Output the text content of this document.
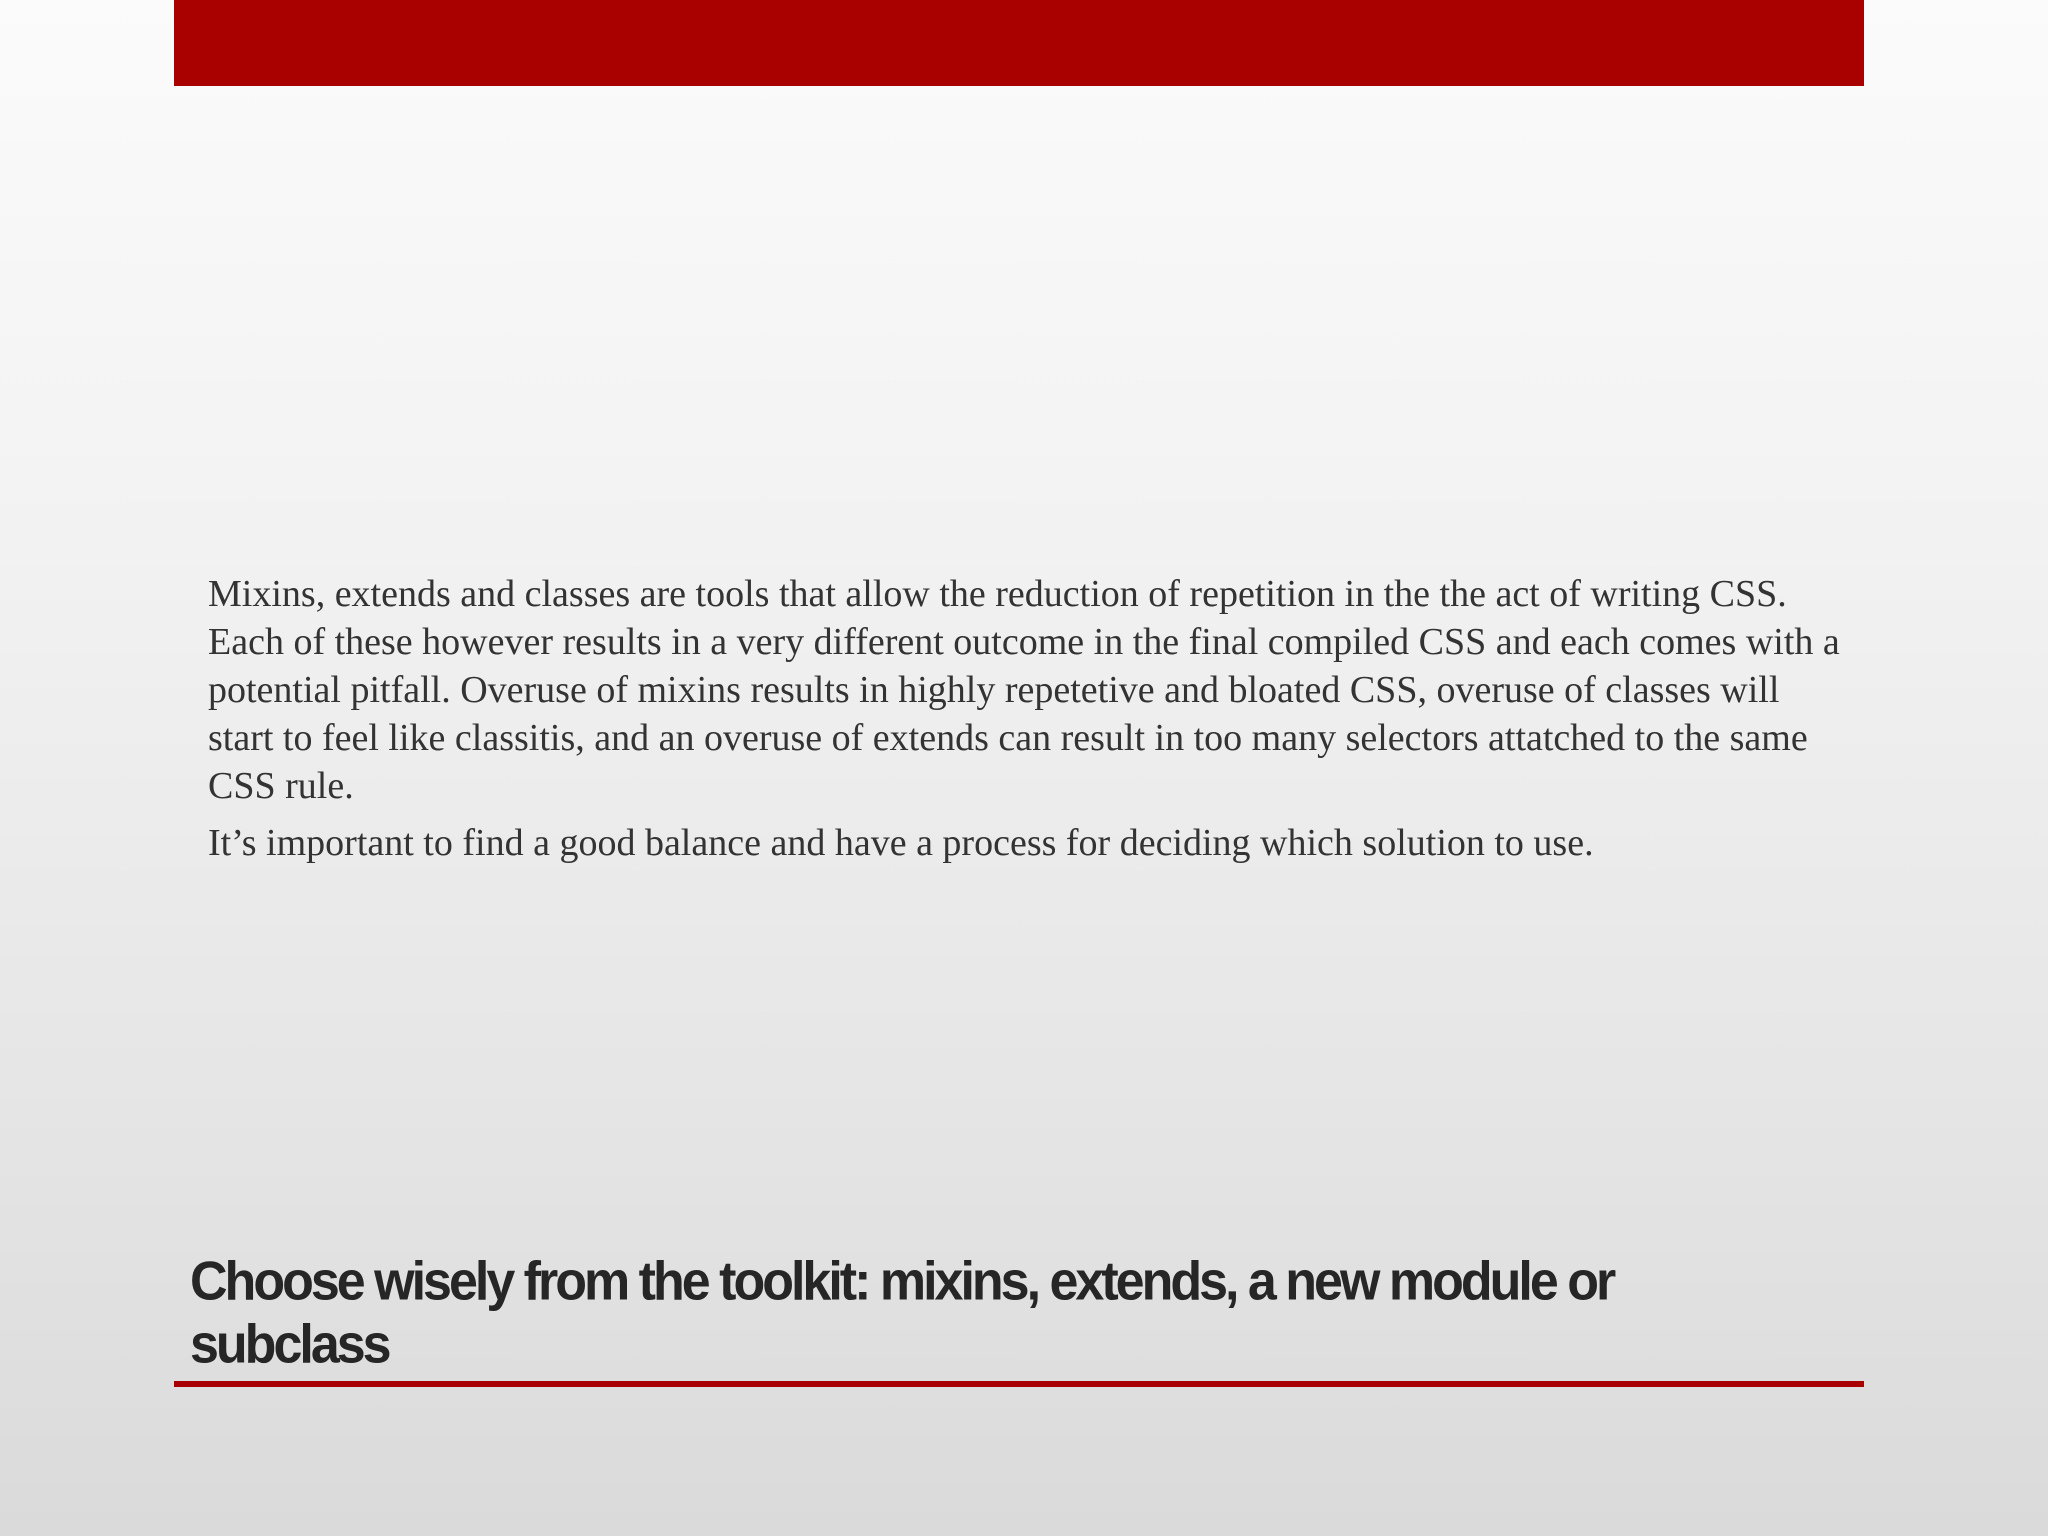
Mixins, extends and classes are tools that allow the reduction of repetition in the the act of writing CSS. Each of these however results in a very different outcome in the final compiled CSS and each comes with a potential pitfall. Overuse of mixins results in highly repetetive and bloated CSS, overuse of classes will start to feel like classitis, and an overuse of extends can result in too many selectors attatched to the same CSS rule.

It’s important to find a good balance and have a process for deciding which solution to use.

Choose wisely from the toolkit: mixins, extends, a new module or subclass
